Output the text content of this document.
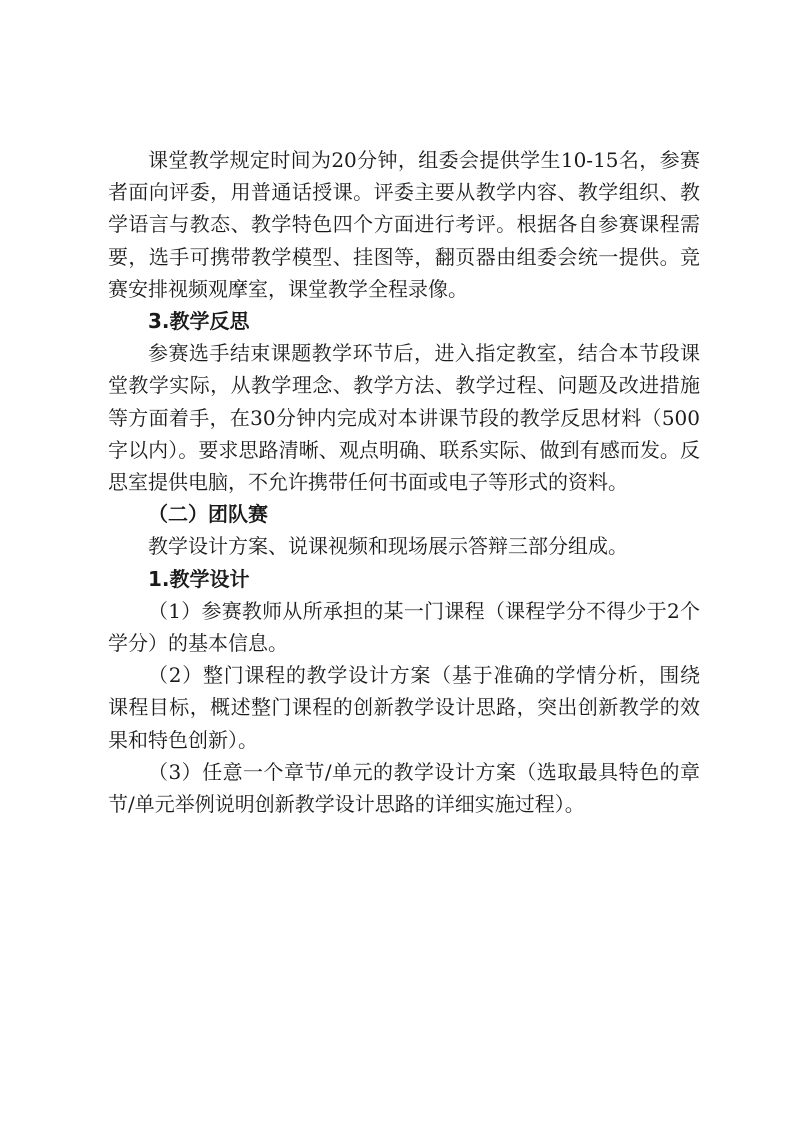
课堂教学规定时间为20分钟，组委会提供学生10-15名，参赛者面向评委，用普通话授课。评委主要从教学内容、教学组织、教学语言与教态、教学特色四个方面进行考评。根据各自参赛课程需要，选手可携带教学模型、挂图等，翻页器由组委会统一提供。竞赛安排视频观摩室，课堂教学全程录像。

3.教学反思

参赛选手结束课题教学环节后，进入指定教室，结合本节段课堂教学实际，从教学理念、教学方法、教学过程、问题及改进措施等方面着手，在30分钟内完成对本讲课节段的教学反思材料（500字以内）。要求思路清晰、观点明确、联系实际、做到有感而发。反思室提供电脑，不允许携带任何书面或电子等形式的资料。

（二）团队赛

教学设计方案、说课视频和现场展示答辩三部分组成。

1.教学设计

（1）参赛教师从所承担的某一门课程（课程学分不得少于2个学分）的基本信息。

（2）整门课程的教学设计方案（基于准确的学情分析，围绕课程目标，概述整门课程的创新教学设计思路，突出创新教学的效果和特色创新）。

（3）任意一个章节/单元的教学设计方案（选取最具特色的章节/单元举例说明创新教学设计思路的详细实施过程）。
